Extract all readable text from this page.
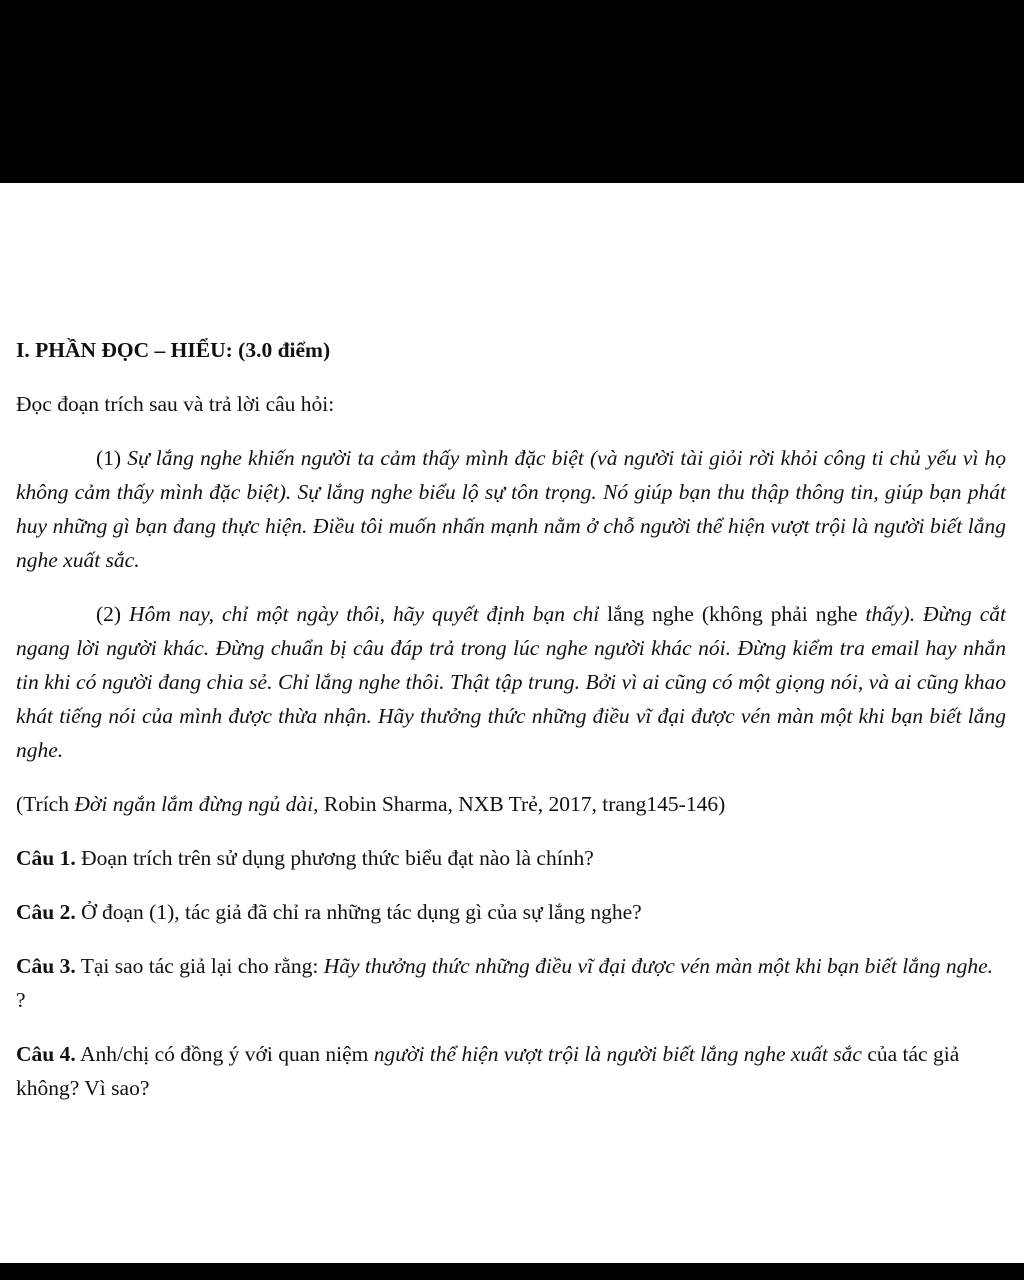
I. PHẦN ĐỌC – HIỂU: (3.0 điểm)
Đọc đoạn trích sau và trả lời câu hỏi:
(1) Sự lắng nghe khiến người ta cảm thấy mình đặc biệt (và người tài giỏi rời khỏi công ti chủ yếu vì họ không cảm thấy mình đặc biệt). Sự lắng nghe biểu lộ sự tôn trọng. Nó giúp bạn thu thập thông tin, giúp bạn phát huy những gì bạn đang thực hiện. Điều tôi muốn nhấn mạnh nằm ở chỗ người thể hiện vượt trội là người biết lắng nghe xuất sắc.
(2) Hôm nay, chỉ một ngày thôi, hãy quyết định bạn chỉ lắng nghe (không phải nghe thấy). Đừng cắt ngang lời người khác. Đừng chuẩn bị câu đáp trả trong lúc nghe người khác nói. Đừng kiểm tra email hay nhắn tin khi có người đang chia sẻ. Chỉ lắng nghe thôi. Thật tập trung. Bởi vì ai cũng có một giọng nói, và ai cũng khao khát tiếng nói của mình được thừa nhận. Hãy thưởng thức những điều vĩ đại được vén màn một khi bạn biết lắng nghe.
(Trích Đời ngắn lắm đừng ngủ dài, Robin Sharma, NXB Trẻ, 2017, trang145-146)
Câu 1. Đoạn trích trên sử dụng phương thức biểu đạt nào là chính?
Câu 2. Ở đoạn (1), tác giả đã chỉ ra những tác dụng gì của sự lắng nghe?
Câu 3. Tại sao tác giả lại cho rằng: Hãy thưởng thức những điều vĩ đại được vén màn một khi bạn biết lắng nghe. ?
Câu 4. Anh/chị có đồng ý với quan niệm người thể hiện vượt trội là người biết lắng nghe xuất sắc của tác giả không? Vì sao?
